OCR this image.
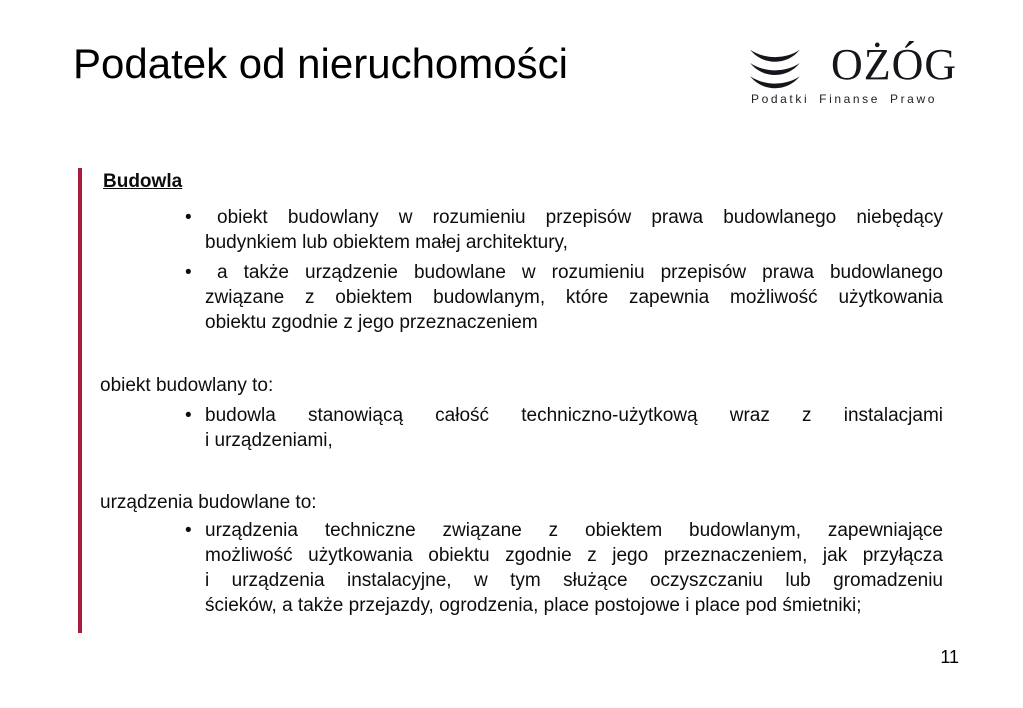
Podatek od nieruchomości	OŻÓG
Podatki Finanse Prawo
Budowla
•	obiekt budowlany w rozumieniu przepisów prawa budowlanego niebędący
budynkiem lub obiektem małej architektury,
•	a także urządzenie budowlane w rozumieniu przepisów prawa budowlanego
związane z obiektem budowlanym, które zapewnia możliwość użytkowania
obiektu zgodnie z jego przeznaczeniem
obiekt budowlany to:
• budowla stanowiącą całość techniczno-użytkową wraz z instalacjami
i urządzeniami,
urządzenia budowlane to:
• urządzenia techniczne związane z obiektem budowlanym, zapewniające
możliwość użytkowania obiektu zgodnie z jego przeznaczeniem, jak przyłącza
i urządzenia instalacyjne, w tym służące oczyszczaniu lub gromadzeniu
ścieków, a także przejazdy, ogrodzenia, place postojowe i place pod śmietniki;
11
